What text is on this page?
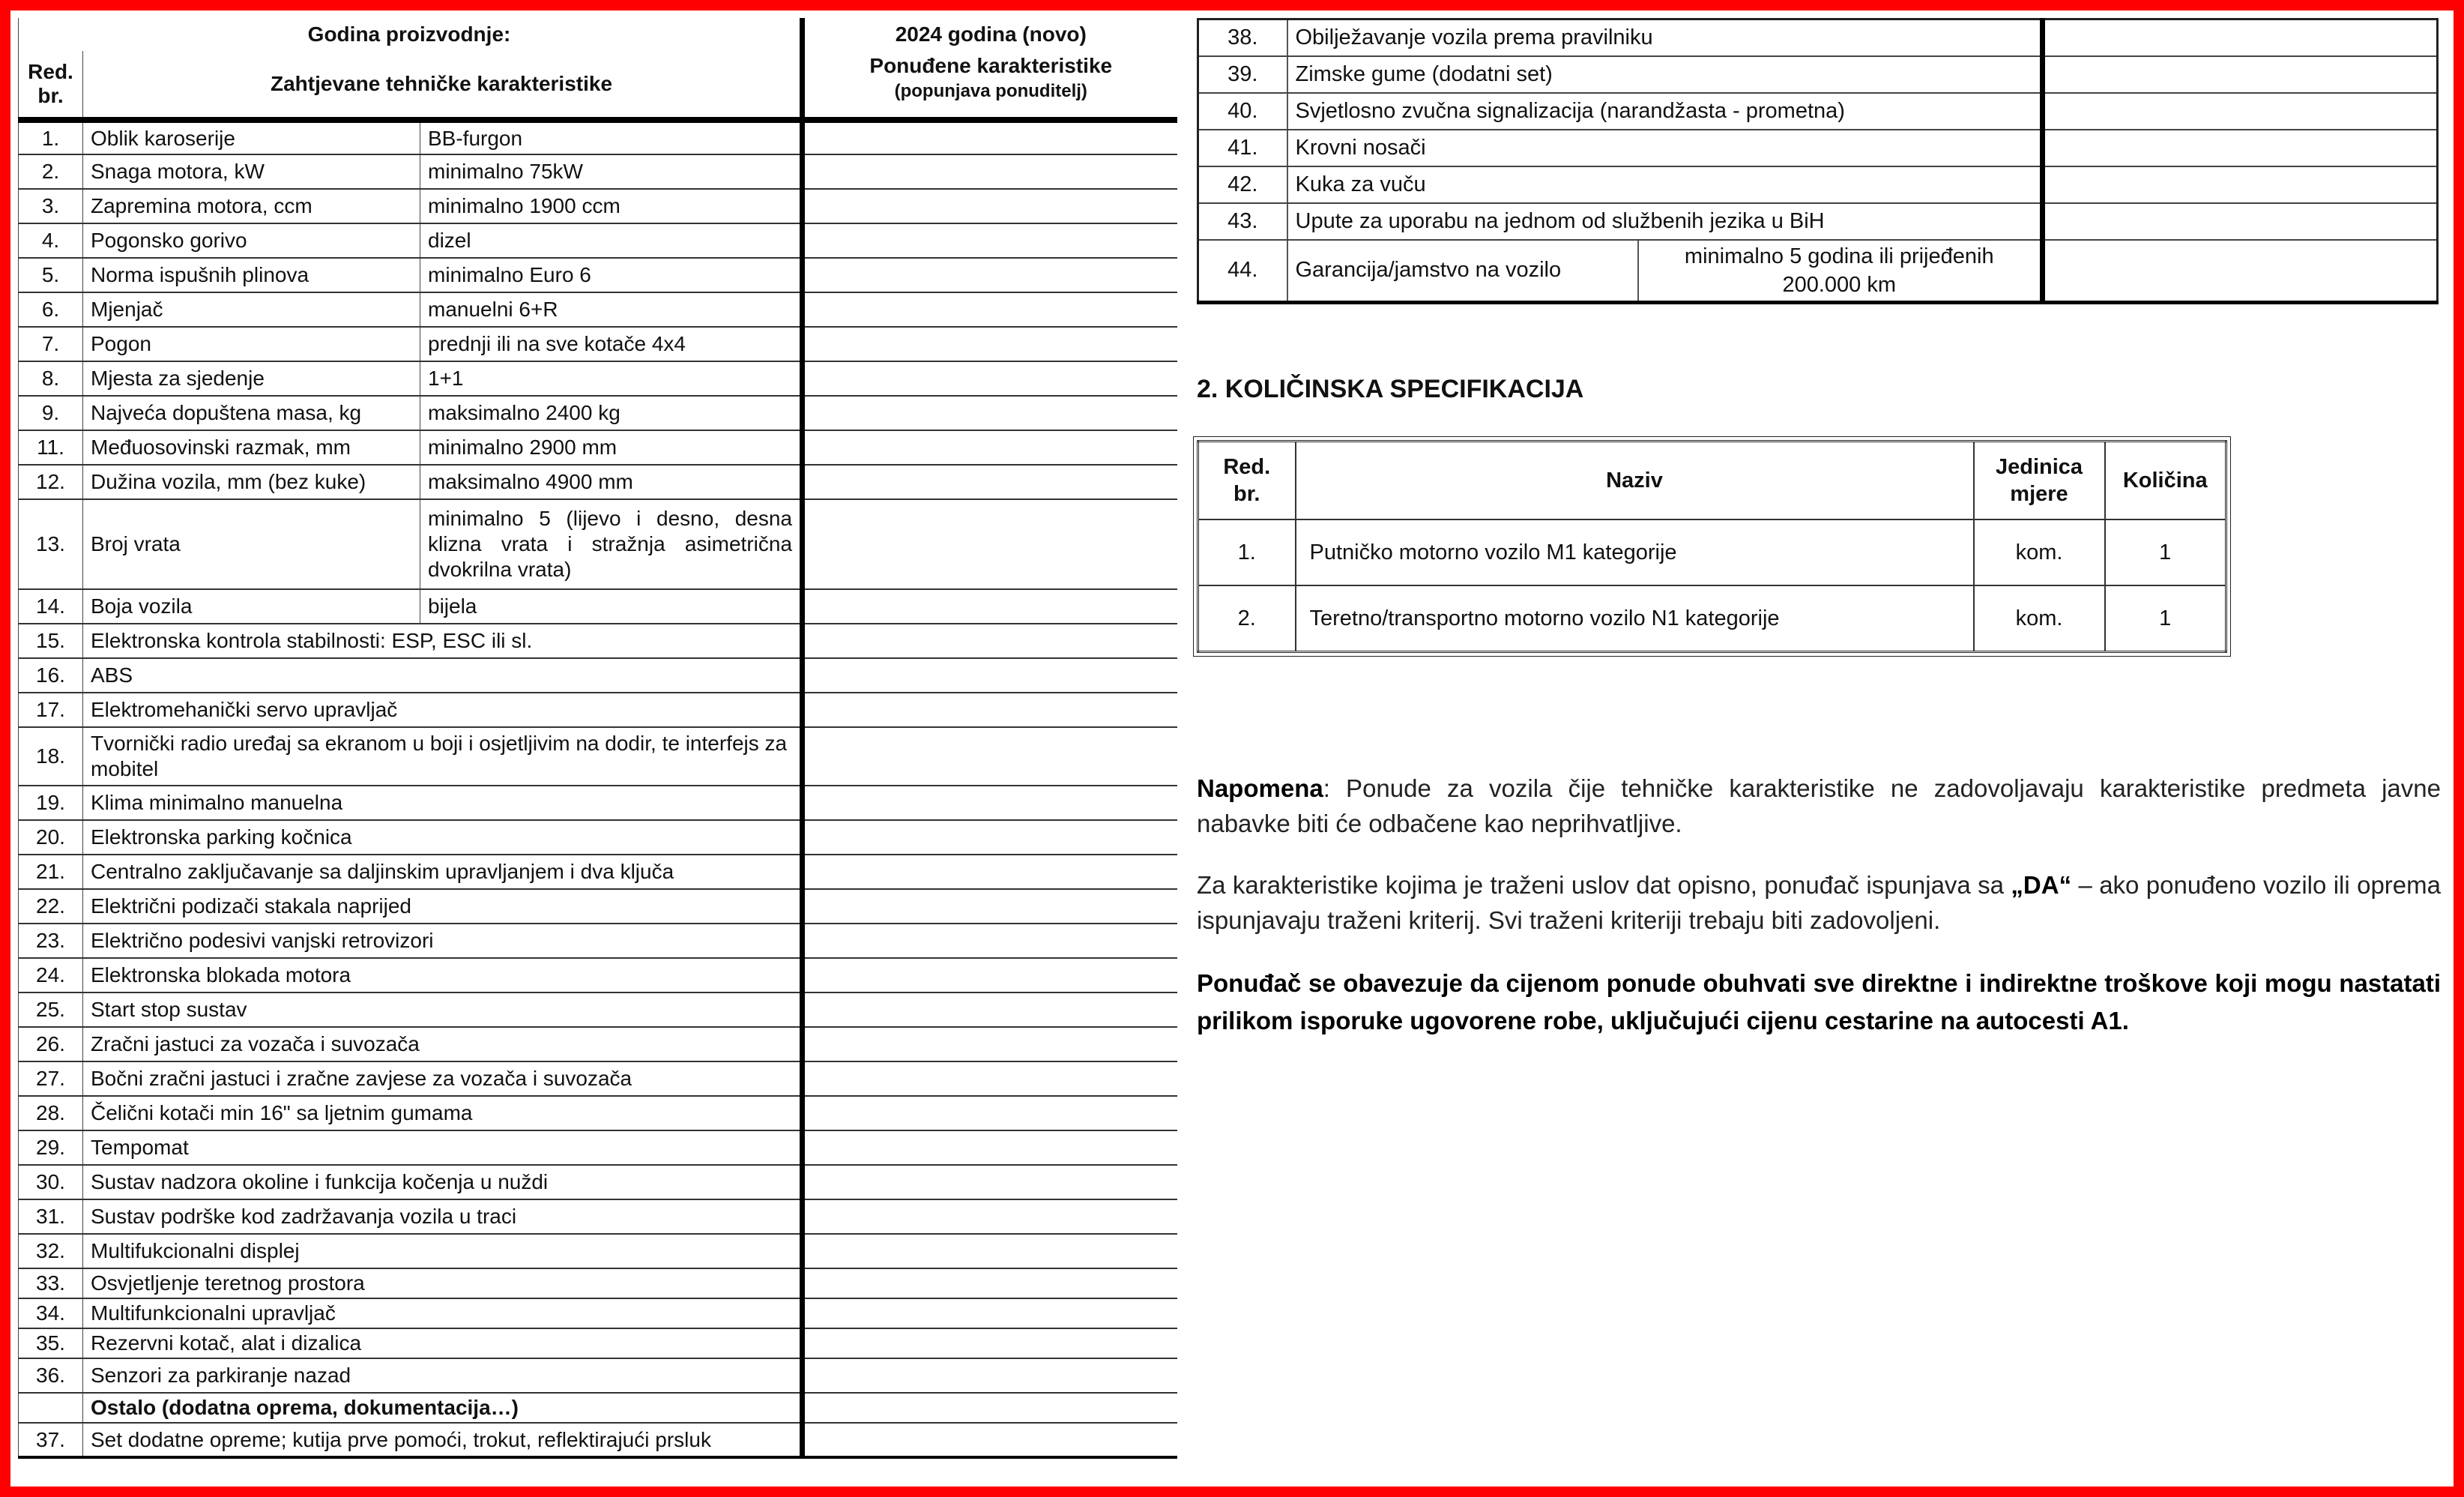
Godina proizvodnje:			2024 godina (novo)
Red. br.	Zahtjevane tehničke karakteristike		Ponuđene karakteristike
(popunjava ponuditelj)

1.	Oblik karoserije	BB-furgon	
2.	Snaga motora, kW	minimalno 75kW	
3.	Zapremina motora, ccm	minimalno 1900 ccm	
4.	Pogonsko gorivo	dizel	
5.	Norma ispušnih plinova	minimalno Euro 6	
6.	Mjenjač	manuelni 6+R	
7.	Pogon	prednji ili na sve kotače 4x4	
8.	Mjesta za sjedenje	1+1	
9.	Najveća dopuštena masa, kg	maksimalno 2400 kg	
11.	Međuosovinski razmak, mm	minimalno 2900 mm	
12.	Dužina vozila, mm (bez kuke)	maksimalno 4900 mm	
13.	Broj vrata	minimalno 5 (lijevo i desno, desna klizna vrata i stražnja asimetrična dvokrilna vrata)	
14.	Boja vozila	bijela	
15.	Elektronska kontrola stabilnosti: ESP, ESC ili sl.		
16.	ABS		
17.	Elektromehanički servo upravljač		
18.	Tvornički radio uređaj sa ekranom u boji i osjetljivim na dodir, te interfejs za mobitel		
19.	Klima minimalno manuelna		
20.	Elektronska parking kočnica		
21.	Centralno zaključavanje sa daljinskim upravljanjem i dva ključa		
22.	Električni podizači stakala naprijed		
23.	Električno podesivi vanjski retrovizori		
24.	Elektronska blokada motora		
25.	Start stop sustav		
26.	Zračni jastuci za vozača i suvozača		
27.	Bočni zračni jastuci i zračne zavjese za vozača i suvozača		
28.	Čelični kotači min 16" sa ljetnim gumama		
29.	Tempomat		
30.	Sustav nadzora okoline i funkcija kočenja u nuždi		
31.	Sustav podrške kod zadržavanja vozila u traci		
32.	Multifukcionalni displej		
33.	Osvjetljenje teretnog prostora		
34.	Multifunkcionalni upravljač		
35.	Rezervni kotač, alat i dizalica		
36.	Senzori za parkiranje nazad		
	Ostalo (dodatna oprema, dokumentacija…)		
37.	Set dodatne opreme; kutija prve pomoći, trokut, reflektirajući prsluk		
38.	Obilježavanje vozila prema pravilniku		
39.	Zimske gume (dodatni set)		
40.	Svjetlosno zvučna signalizacija (narandžasta - prometna)		
41.	Krovni nosači		
42.	Kuka za vuču		
43.	Upute za uporabu na jednom od službenih jezika u BiH		
44.	Garancija/jamstvo na vozilo	minimalno 5 godina ili prijeđenih 200.000 km	
2. KOLIČINSKA SPECIFIKACIJA
Red. br.	Naziv	Jedinica mjere	Količina
1.	Putničko motorno vozilo M1 kategorije	kom.	1
2.	Teretno/transportno motorno vozilo N1 kategorije	kom.	1
Napomena: Ponude za vozila čije tehničke karakteristike ne zadovoljavaju karakteristike predmeta javne nabavke biti će odbačene kao neprihvatljive.
Za karakteristike kojima je traženi uslov dat opisno, ponuđač ispunjava sa „DA“ – ako ponuđeno vozilo ili oprema ispunjavaju traženi kriterij. Svi traženi kriteriji trebaju biti zadovoljeni.
Ponuđač se obavezuje da cijenom ponude obuhvati sve direktne i indirektne troškove koji mogu nastatati prilikom isporuke ugovorene robe, uključujući cijenu cestarine na autocesti A1.
